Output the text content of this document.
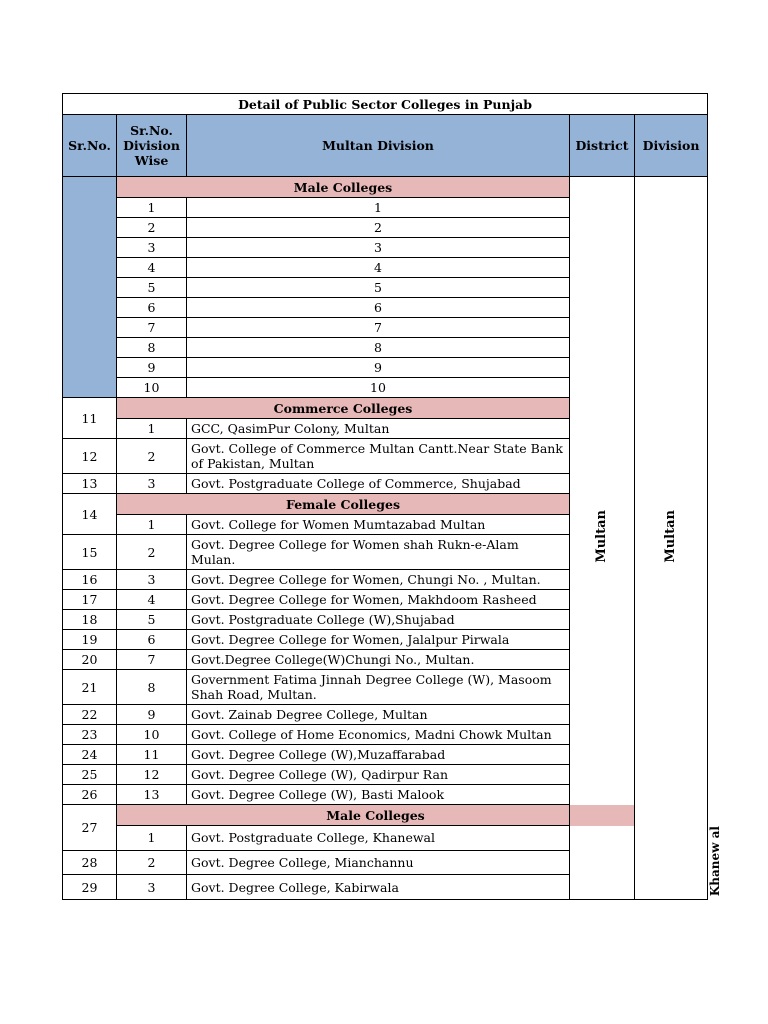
Detail of Public Sector Colleges in Punjab					
Sr.No.	Sr.No. Division Wise	Multan Division	District	Division	
	Male Colleges		Multan	Multan	
	1	1	
	2	2	
	3	3	
	4	4	
	5	5	
	6	6	
	7	7	
	8	8	
	9	9	
	10	10	
11	Commerce Colleges				
	1	GCC, QasimPur Colony, Multan			
12	2	Govt. College of Commerce Multan Cantt.Near State Bank of Pakistan, Multan			
13	3	Govt. Postgraduate College of Commerce, Shujabad			
14	Female Colleges				
	1	Govt. College for Women Mumtazabad Multan			
15	2	Govt. Degree College for Women shah Rukn-e-Alam Mulan.			
16	3	Govt. Degree College for Women, Chungi No. , Multan.			
17	4	Govt. Degree College for Women, Makhdoom Rasheed			
18	5	Govt. Postgraduate College (W),Shujabad			
19	6	Govt. Degree College for Women, Jalalpur Pirwala			
20	7	Govt.Degree College(W)Chungi No., Multan.			
21	8	Government Fatima Jinnah Degree College (W), Masoom Shah Road, Multan.			
22	9	Govt. Zainab Degree College, Multan			
23	10	Govt. College of Home Economics, Madni Chowk Multan			
24	11	Govt. Degree College (W),Muzaffarabad			
25	12	Govt. Degree College (W), Qadirpur Ran			
26	13	Govt. Degree College (W), Basti Malook			
27	Male Colleges				
	1	Govt. Postgraduate College, Khanewal			Khanew al
28	2	Govt. Degree College, Mianchannu			
29	3	Govt. Degree College, Kabirwala			
